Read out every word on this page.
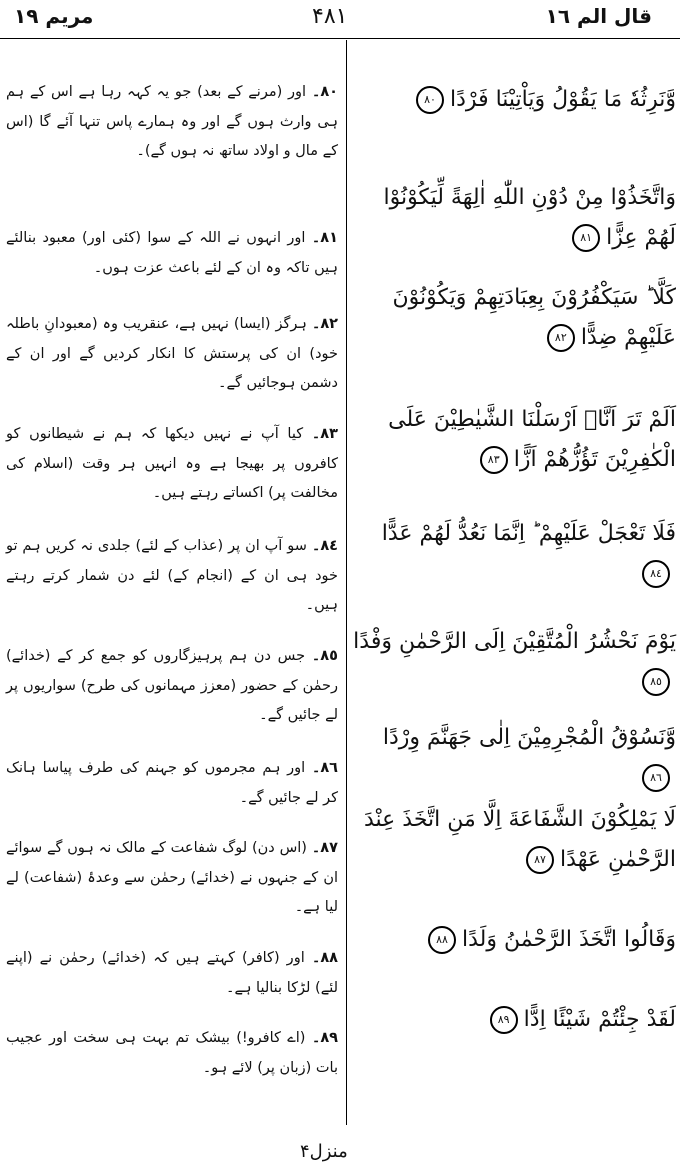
مریم ١٩	۴۸۱	قال الم ١٦

٨٠۔ اور (مرنے کے بعد) جو یہ کہہ رہا ہے اس کے ہم ہی وارث ہوں گے اور وہ ہمارے پاس تنہا آئے گا (اس کے مال و اولاد ساتھ نہ ہوں گے)۔

٨١۔ اور انہوں نے اللہ کے سوا (کئی اور) معبود بنالئے ہیں تاکہ وہ ان کے لئے باعث عزت ہوں۔

٨٢۔ ہرگز (ایسا) نہیں ہے، عنقریب وہ (معبودانِ باطلہ خود) ان کی پرستش کا انکار کردیں گے اور ان کے دشمن ہوجائیں گے۔

٨٣۔ کیا آپ نے نہیں دیکھا کہ ہم نے شیطانوں کو کافروں پر بھیجا ہے وہ انہیں ہر وقت (اسلام کی مخالفت پر) اکساتے رہتے ہیں۔

٨٤۔ سو آپ ان پر (عذاب کے لئے) جلدی نہ کریں ہم تو خود ہی ان کے (انجام کے) لئے دن شمار کرتے رہتے ہیں۔

٨٥۔ جس دن ہم پرہیزگاروں کو جمع کر کے (خدائے) رحمٰن کے حضور (معزز مہمانوں کی طرح) سواریوں پر لے جائیں گے۔

٨٦۔ اور ہم مجرموں کو جہنم کی طرف پیاسا ہانک کر لے جائیں گے۔

٨٧۔ (اس دن) لوگ شفاعت کے مالک نہ ہوں گے سوائے ان کے جنہوں نے (خدائے) رحمٰن سے وعدۂ (شفاعت) لے لیا ہے۔

٨٨۔ اور (کافر) کہتے ہیں کہ (خدائے) رحمٰن نے (اپنے لئے) لڑکا بنالیا ہے۔

٨٩۔ (اے کافرو!) بیشک تم بہت ہی سخت اور عجیب بات (زبان پر) لائے ہو۔

وَّنَرِثُهٗ مَا يَقُوْلُ وَيَاْتِيْنَا فَرْدًا٨٠
وَاتَّخَذُوْا مِنْ دُوْنِ اللّٰهِ اٰلِهَةً لِّيَكُوْنُوْا لَهُمْ عِزًّا٨١
كَلَّا ؕ سَيَكْفُرُوْنَ بِعِبَادَتِهِمْ وَيَكُوْنُوْنَ عَلَيْهِمْ ضِدًّا٨٢
اَلَمْ تَرَ اَنَّاۤ اَرْسَلْنَا الشَّيٰطِيْنَ عَلَى الْكٰفِرِيْنَ تَؤُزُّهُمْ اَزًّا٨٣
فَلَا تَعْجَلْ عَلَيْهِمْ ؕ اِنَّمَا نَعُدُّ لَهُمْ عَدًّا٨٤
يَوْمَ نَحْشُرُ الْمُتَّقِيْنَ اِلَى الرَّحْمٰنِ وَفْدًا٨٥
وَّنَسُوْقُ الْمُجْرِمِيْنَ اِلٰى جَهَنَّمَ وِرْدًا٨٦
لَا يَمْلِكُوْنَ الشَّفَاعَةَ اِلَّا مَنِ اتَّخَذَ عِنْدَ الرَّحْمٰنِ عَهْدًا٨٧
وَقَالُوا اتَّخَذَ الرَّحْمٰنُ وَلَدًا٨٨
لَقَدْ جِئْتُمْ شَيْئًا اِدًّا٨٩
منزل۴
